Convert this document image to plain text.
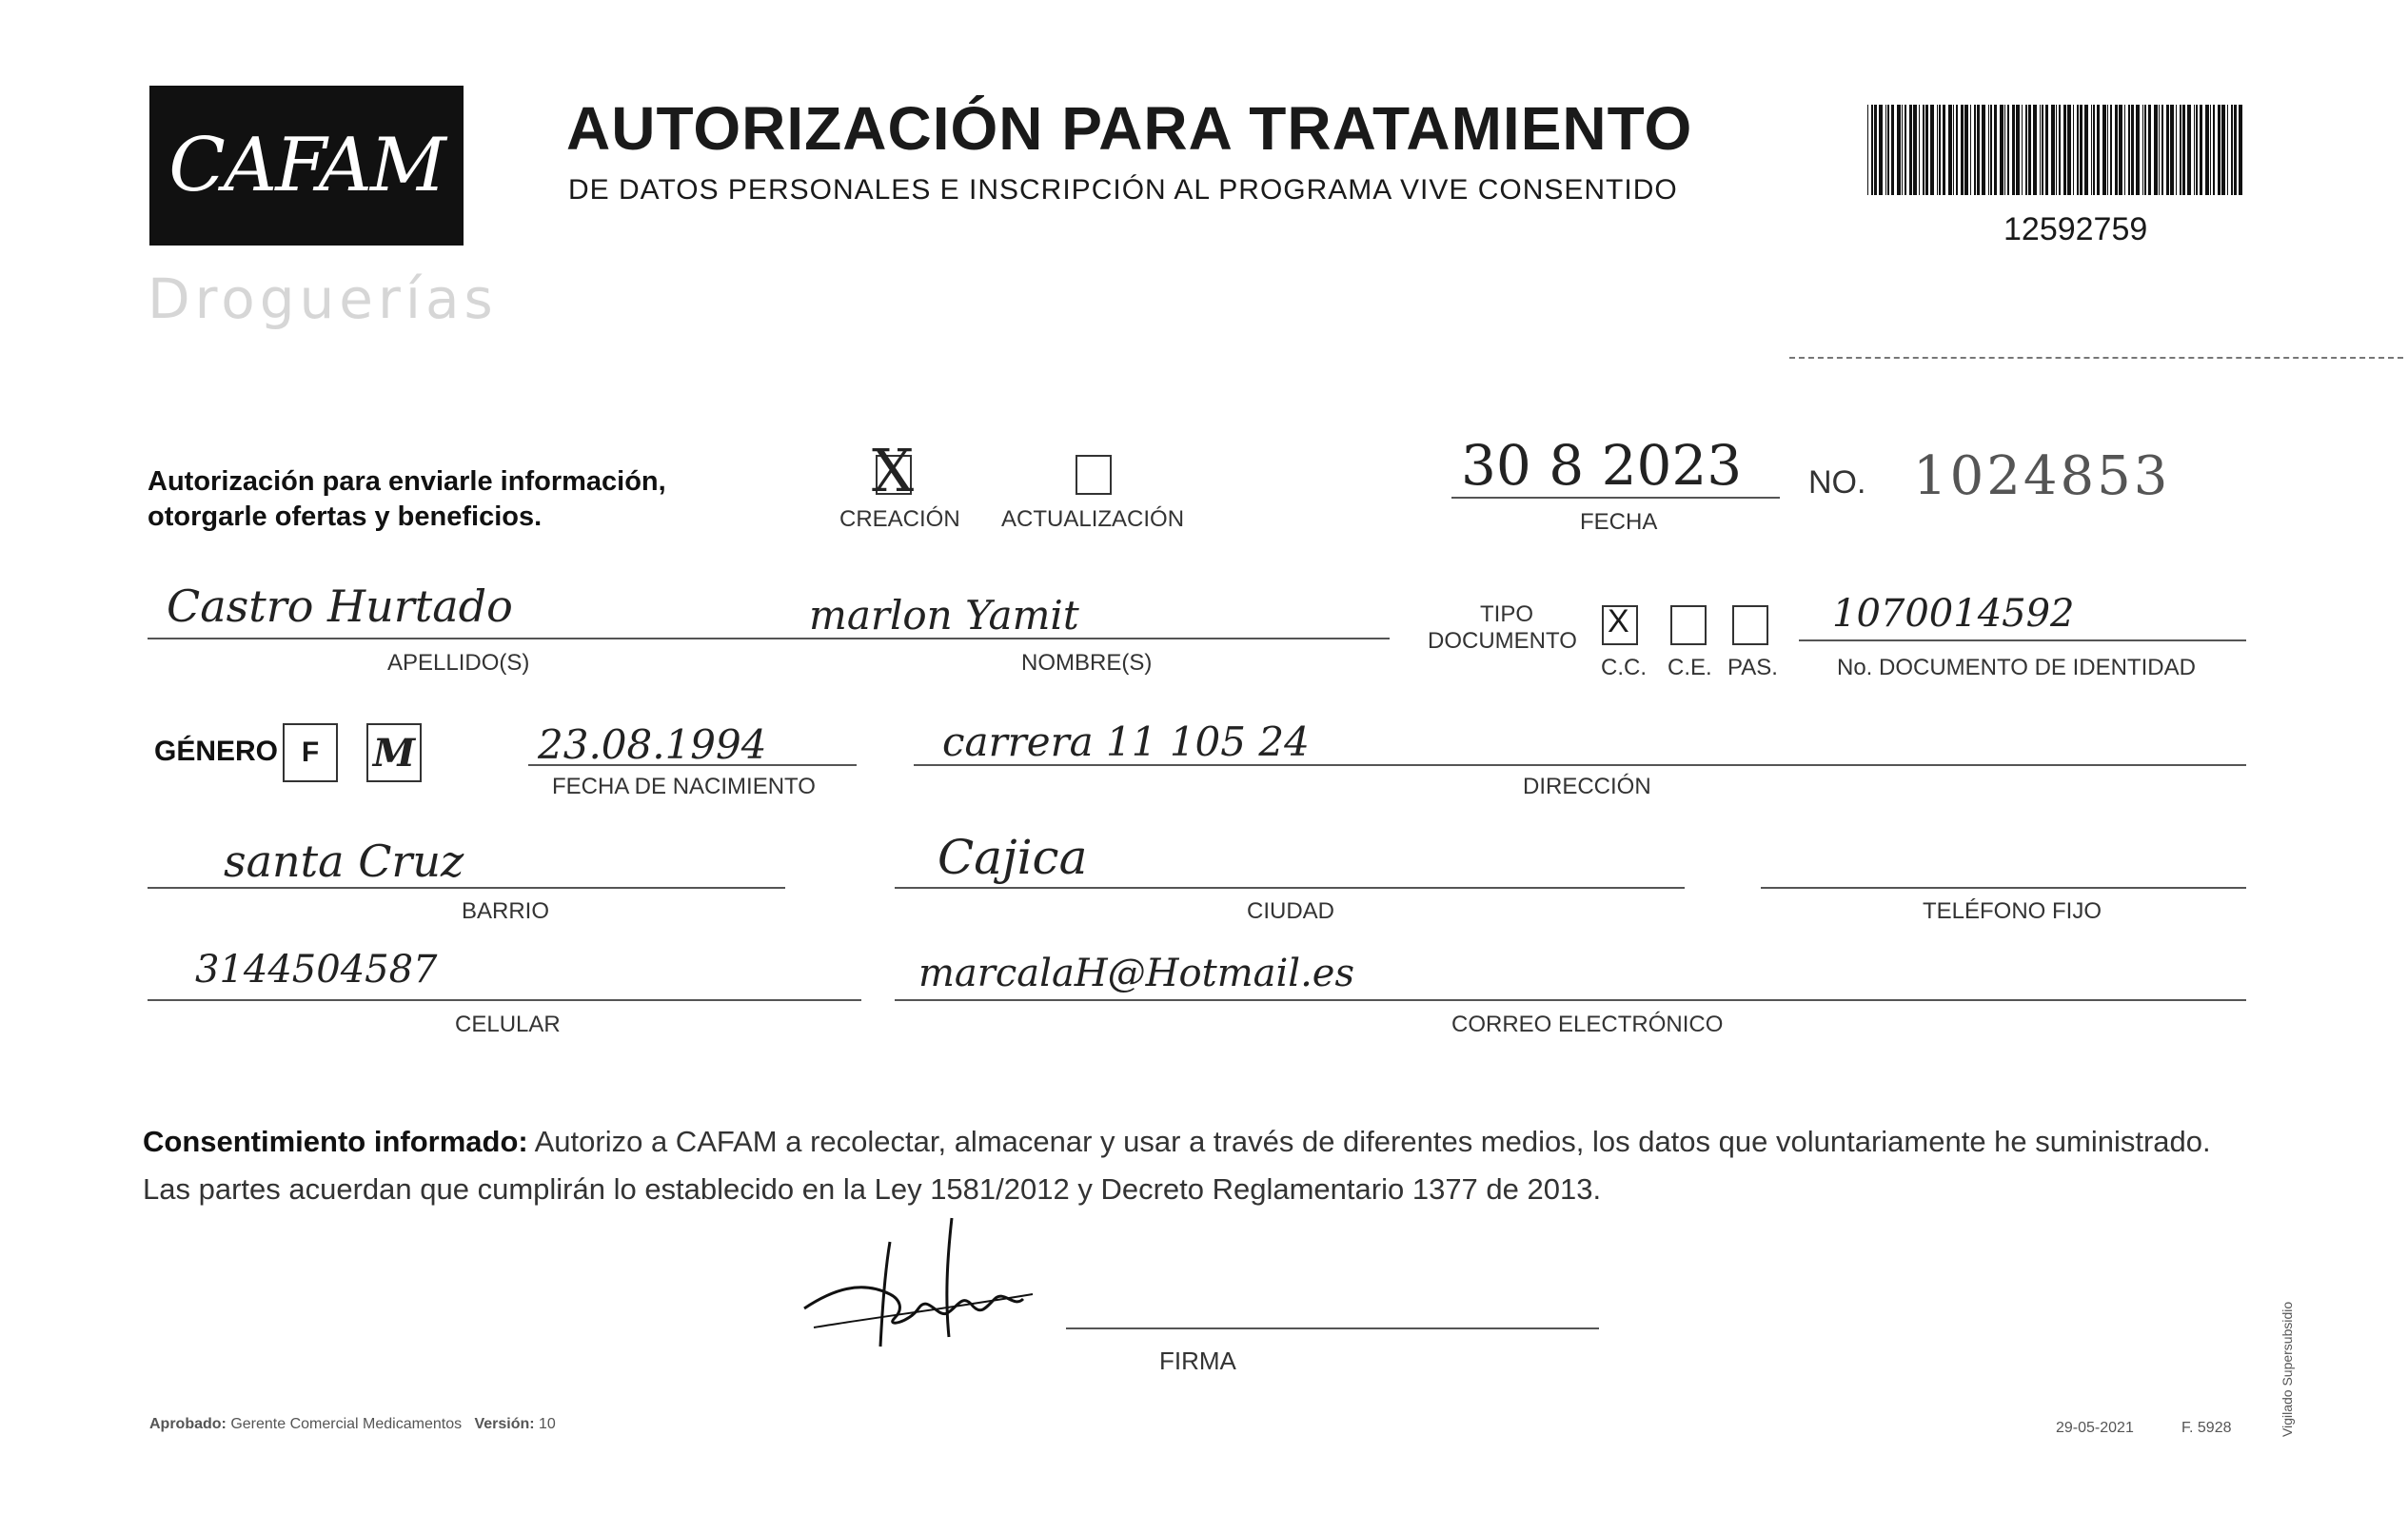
CAFAM
Droguerías
AUTORIZACIÓN PARA TRATAMIENTO
DE DATOS PERSONALES E INSCRIPCIÓN AL PROGRAMA VIVE CONSENTIDO
12592759
Autorización para enviarle información,
otorgarle ofertas y beneficios.
X
CREACIÓN ACTUALIZACIÓN
30 8 2023
FECHA
NO. 1024853
Castro Hurtado
APELLIDO(S)
marlon Yamit
NOMBRE(S)
TIPO
DOCUMENTO
X
C.C. C.E. PAS.
1070014592
No. DOCUMENTO DE IDENTIDAD
GÉNERO F M	23.08.1994
FECHA DE NACIMIENTO
carrera 11 105 24
DIRECCIÓN
santa Cruz
BARRIO
Cajica
CIUDAD	TELÉFONO FIJO
3144504587
CELULAR
marcalaH@Hotmail.es
CORREO ELECTRÓNICO
Consentimiento informado: Autorizo a CAFAM a recolectar, almacenar y usar a través de diferentes medios, los datos que voluntariamente he suministrado. Las partes acuerdan que cumplirán lo establecido en la Ley 1581/2012 y Decreto Reglamentario 1377 de 2013.
FIRMA
Aprobado: Gerente Comercial Medicamentos Versión: 10	29-05-2021	F. 5928	Vigilado Supersubsidio
